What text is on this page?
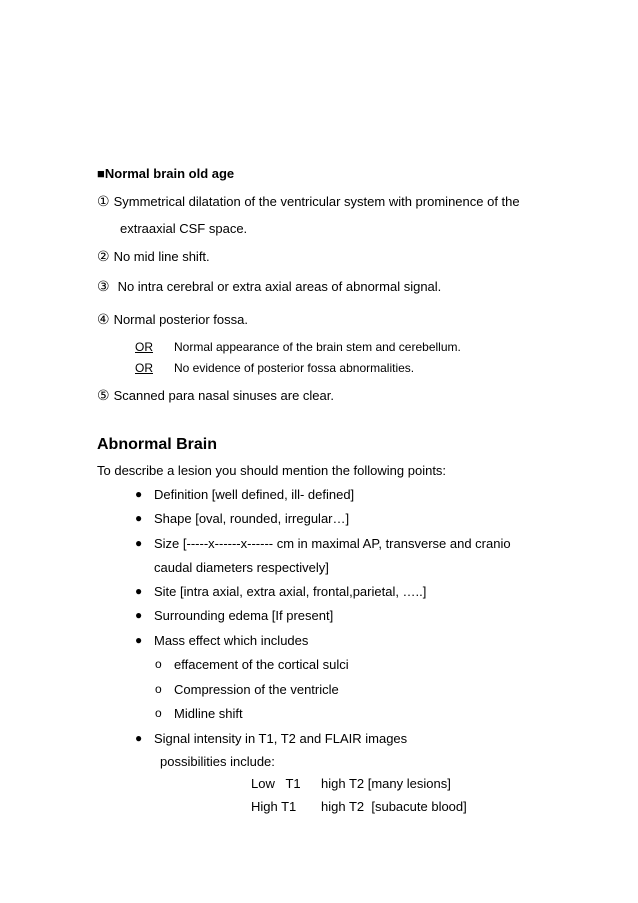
■Normal brain old age
① Symmetrical dilatation of the ventricular system with prominence of the
extraaxial CSF space.
② No mid line shift.
③ No intra cerebral or extra axial areas of abnormal signal.
④ Normal posterior fossa.
OR Normal appearance of the brain stem and cerebellum.
OR No evidence of posterior fossa abnormalities.
⑤ Scanned para nasal sinuses are clear.
Abnormal Brain
To describe a lesion you should mention the following points:
● Definition [well defined, ill- defined]
● Shape [oval, rounded, irregular…]
● Size [-----x------x------ cm in maximal AP, transverse and cranio
caudal diameters respectively]
● Site [intra axial, extra axial, frontal,parietal, …..]
● Surrounding edema [If present]
● Mass effect which includes
o effacement of the cortical sulci
o Compression of the ventricle
o Midline shift
● Signal intensity in T1, T2 and FLAIR images
possibilities include:
Low   T1 high T2 [many lesions]
High T1 high T2  [subacute blood]
